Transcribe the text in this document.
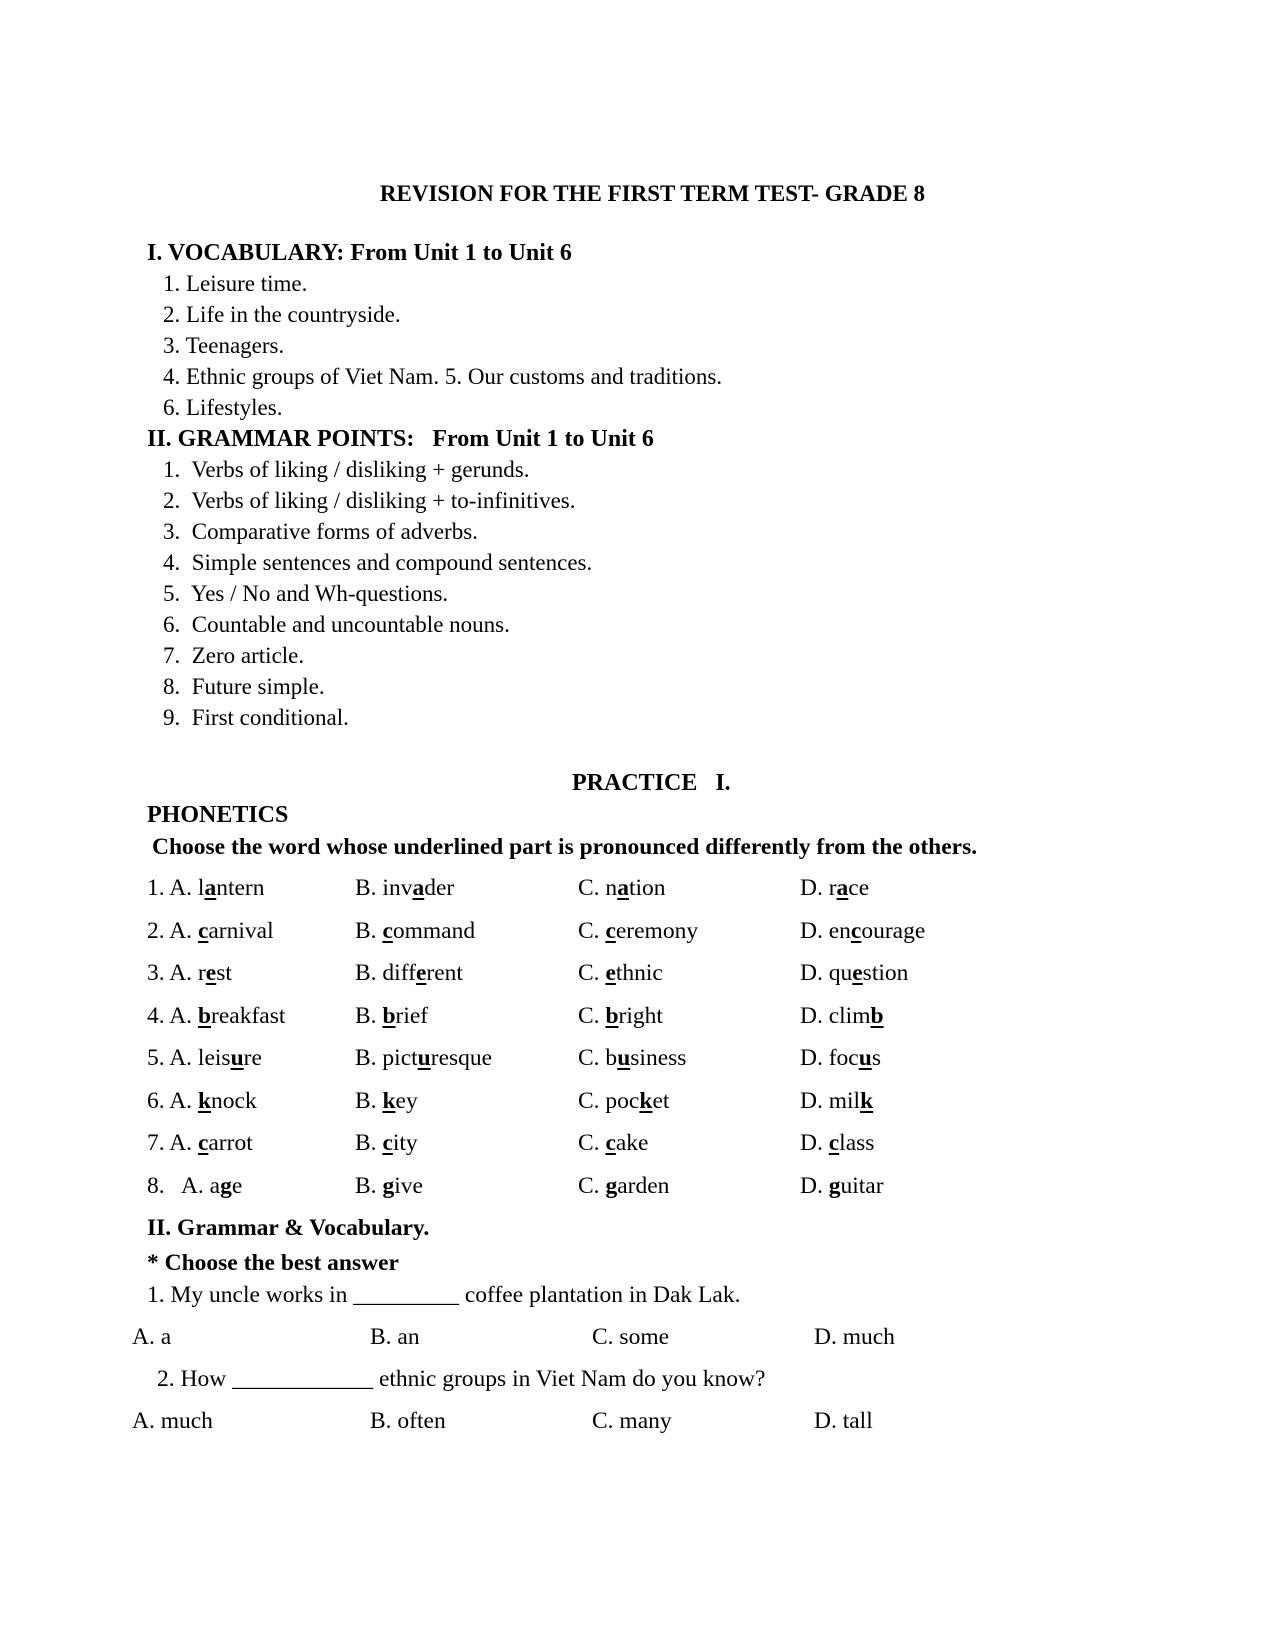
REVISION FOR THE FIRST TERM TEST- GRADE 8
I. VOCABULARY: From Unit 1 to Unit 6
1. Leisure time.
2. Life in the countryside.
3. Teenagers.
4. Ethnic groups of Viet Nam. 5. Our customs and traditions.
6. Lifestyles.
II. GRAMMAR POINTS:   From Unit 1 to Unit 6
1.  Verbs of liking / disliking + gerunds.
2.  Verbs of liking / disliking + to-infinitives.
3.  Comparative forms of adverbs.
4.  Simple sentences and compound sentences.
5.  Yes / No and Wh-questions.
6.  Countable and uncountable nouns.
7.  Zero article.
8.  Future simple.
9.  First conditional.
PRACTICE   I.
PHONETICS
Choose the word whose underlined part is pronounced differently from the others.
1. A. lantern	B. invader	C. nation	D. race
2. A. carnival	B. command	C. ceremony	D. encourage
3. A. rest	B. different	C. ethnic	D. question
4. A. breakfast	B. brief	C. bright	D. climb
5. A. leisure	B. picturesque	C. business	D. focus
6. A. knock	B. key	C. pocket	D. milk
7. A. carrot	B. city	C. cake	D. class
8.   A. age	B. give	C. garden	D. guitar
II. Grammar & Vocabulary.
* Choose the best answer
1. My uncle works in _________ coffee plantation in Dak Lak.
A. a	B. an	C. some	D. much
2. How ____________ ethnic groups in Viet Nam do you know?
A. much	B. often	C. many	D. tall
